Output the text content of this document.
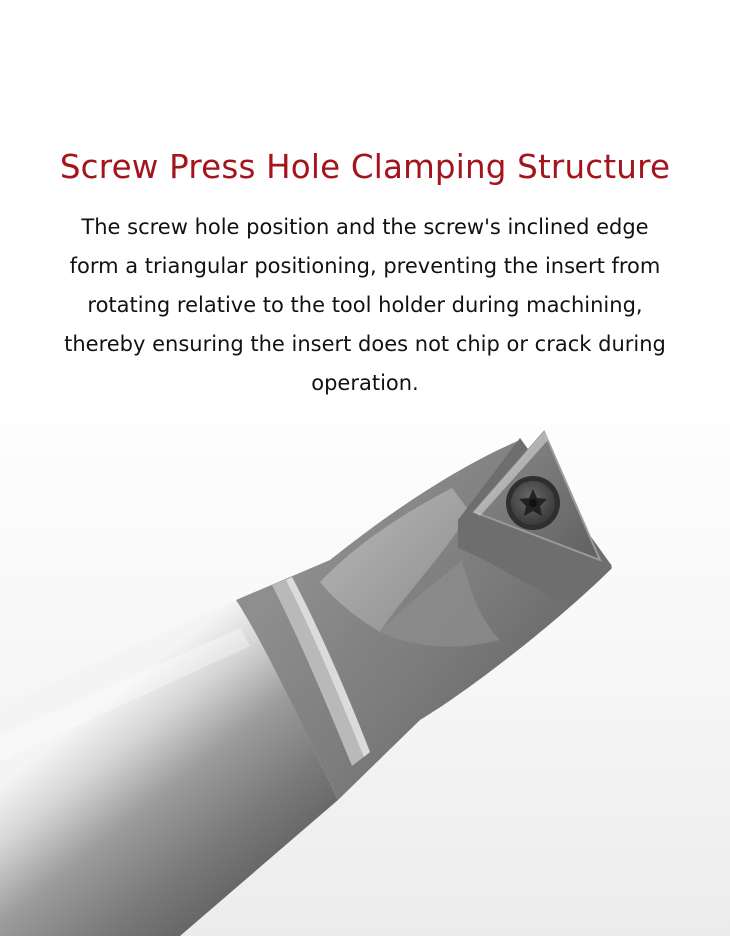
Screw Press Hole Clamping Structure
The screw hole position and the screw's inclined edge
form a triangular positioning, preventing the insert from
rotating relative to the tool holder during machining,
thereby ensuring the insert does not chip or crack during
operation.
